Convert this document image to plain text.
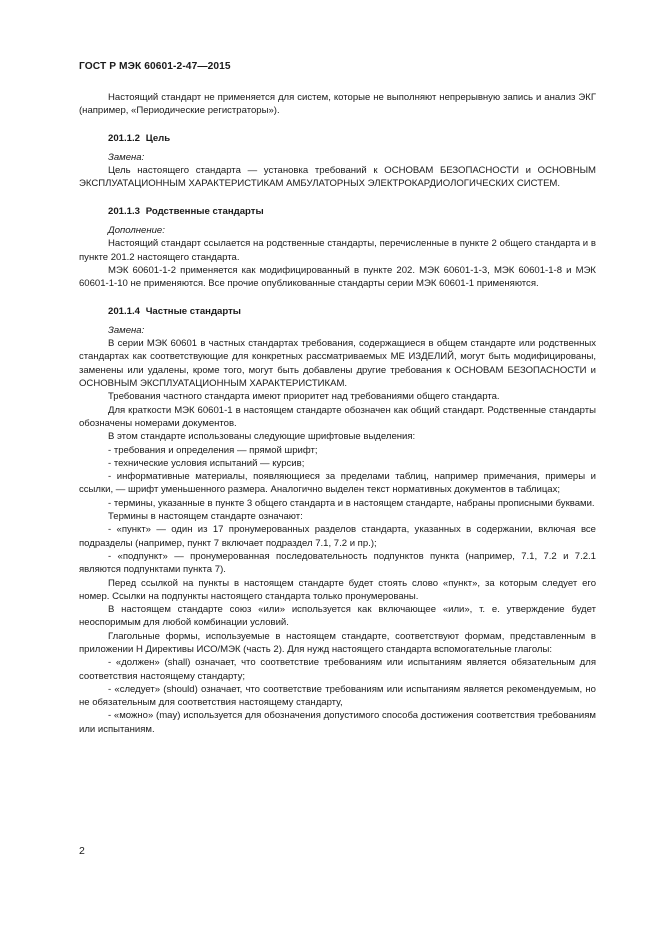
ГОСТ Р МЭК 60601-2-47—2015

Настоящий стандарт не применяется для систем, которые не выполняют непрерывную запись и анализ ЭКГ (например, «Периодические регистраторы»).

201.1.2 Цель

Замена:

Цель настоящего стандарта — установка требований к ОСНОВАМ БЕЗОПАСНОСТИ и ОСНОВНЫМ ЭКСПЛУАТАЦИОННЫМ ХАРАКТЕРИСТИКАМ АМБУЛАТОРНЫХ ЭЛЕКТРОКАРДИОЛОГИЧЕСКИХ СИСТЕМ.

201.1.3 Родственные стандарты

Дополнение:

Настоящий стандарт ссылается на родственные стандарты, перечисленные в пункте 2 общего стандарта и в пункте 201.2 настоящего стандарта.

МЭК 60601-1-2 применяется как модифицированный в пункте 202. МЭК 60601-1-3, МЭК 60601-1-8 и МЭК 60601-1-10 не применяются. Все прочие опубликованные стандарты серии МЭК 60601-1 применяются.

201.1.4 Частные стандарты

Замена:

В серии МЭК 60601 в частных стандартах требования, содержащиеся в общем стандарте или родственных стандартах как соответствующие для конкретных рассматриваемых МЕ ИЗДЕЛИЙ, могут быть модифицированы, заменены или удалены, кроме того, могут быть добавлены другие требования к ОСНОВАМ БЕЗОПАСНОСТИ и ОСНОВНЫМ ЭКСПЛУАТАЦИОННЫМ ХАРАКТЕРИСТИКАМ.

Требования частного стандарта имеют приоритет над требованиями общего стандарта.

Для краткости МЭК 60601-1 в настоящем стандарте обозначен как общий стандарт. Родственные стандарты обозначены номерами документов.

В этом стандарте использованы следующие шрифтовые выделения:

- требования и определения — прямой шрифт;

- технические условия испытаний — курсив;

- информативные материалы, появляющиеся за пределами таблиц, например примечания, примеры и ссылки, — шрифт уменьшенного размера. Аналогично выделен текст нормативных документов в таблицах;

- термины, указанные в пункте 3 общего стандарта и в настоящем стандарте, набраны прописными буквами.

Термины в настоящем стандарте означают:

- «пункт» — один из 17 пронумерованных разделов стандарта, указанных в содержании, включая все подразделы (например, пункт 7 включает подраздел 7.1, 7.2 и пр.);

- «подпункт» — пронумерованная последовательность подпунктов пункта (например, 7.1, 7.2 и 7.2.1 являются подпунктами пункта 7).

Перед ссылкой на пункты в настоящем стандарте будет стоять слово «пункт», за которым следует его номер. Ссылки на подпункты настоящего стандарта только пронумерованы.

В настоящем стандарте союз «или» используется как включающее «или», т. е. утверждение будет неоспоримым для любой комбинации условий.

Глагольные формы, используемые в настоящем стандарте, соответствуют формам, представленным в приложении Н Директивы ИСО/МЭК (часть 2). Для нужд настоящего стандарта вспомогательные глаголы:

- «должен» (shall) означает, что соответствие требованиям или испытаниям является обязательным для соответствия настоящему стандарту;

- «следует» (should) означает, что соответствие требованиям или испытаниям является рекомендуемым, но не обязательным для соответствия настоящему стандарту,

- «можно» (may) используется для обозначения допустимого способа достижения соответствия требованиям или испытаниям.

2
